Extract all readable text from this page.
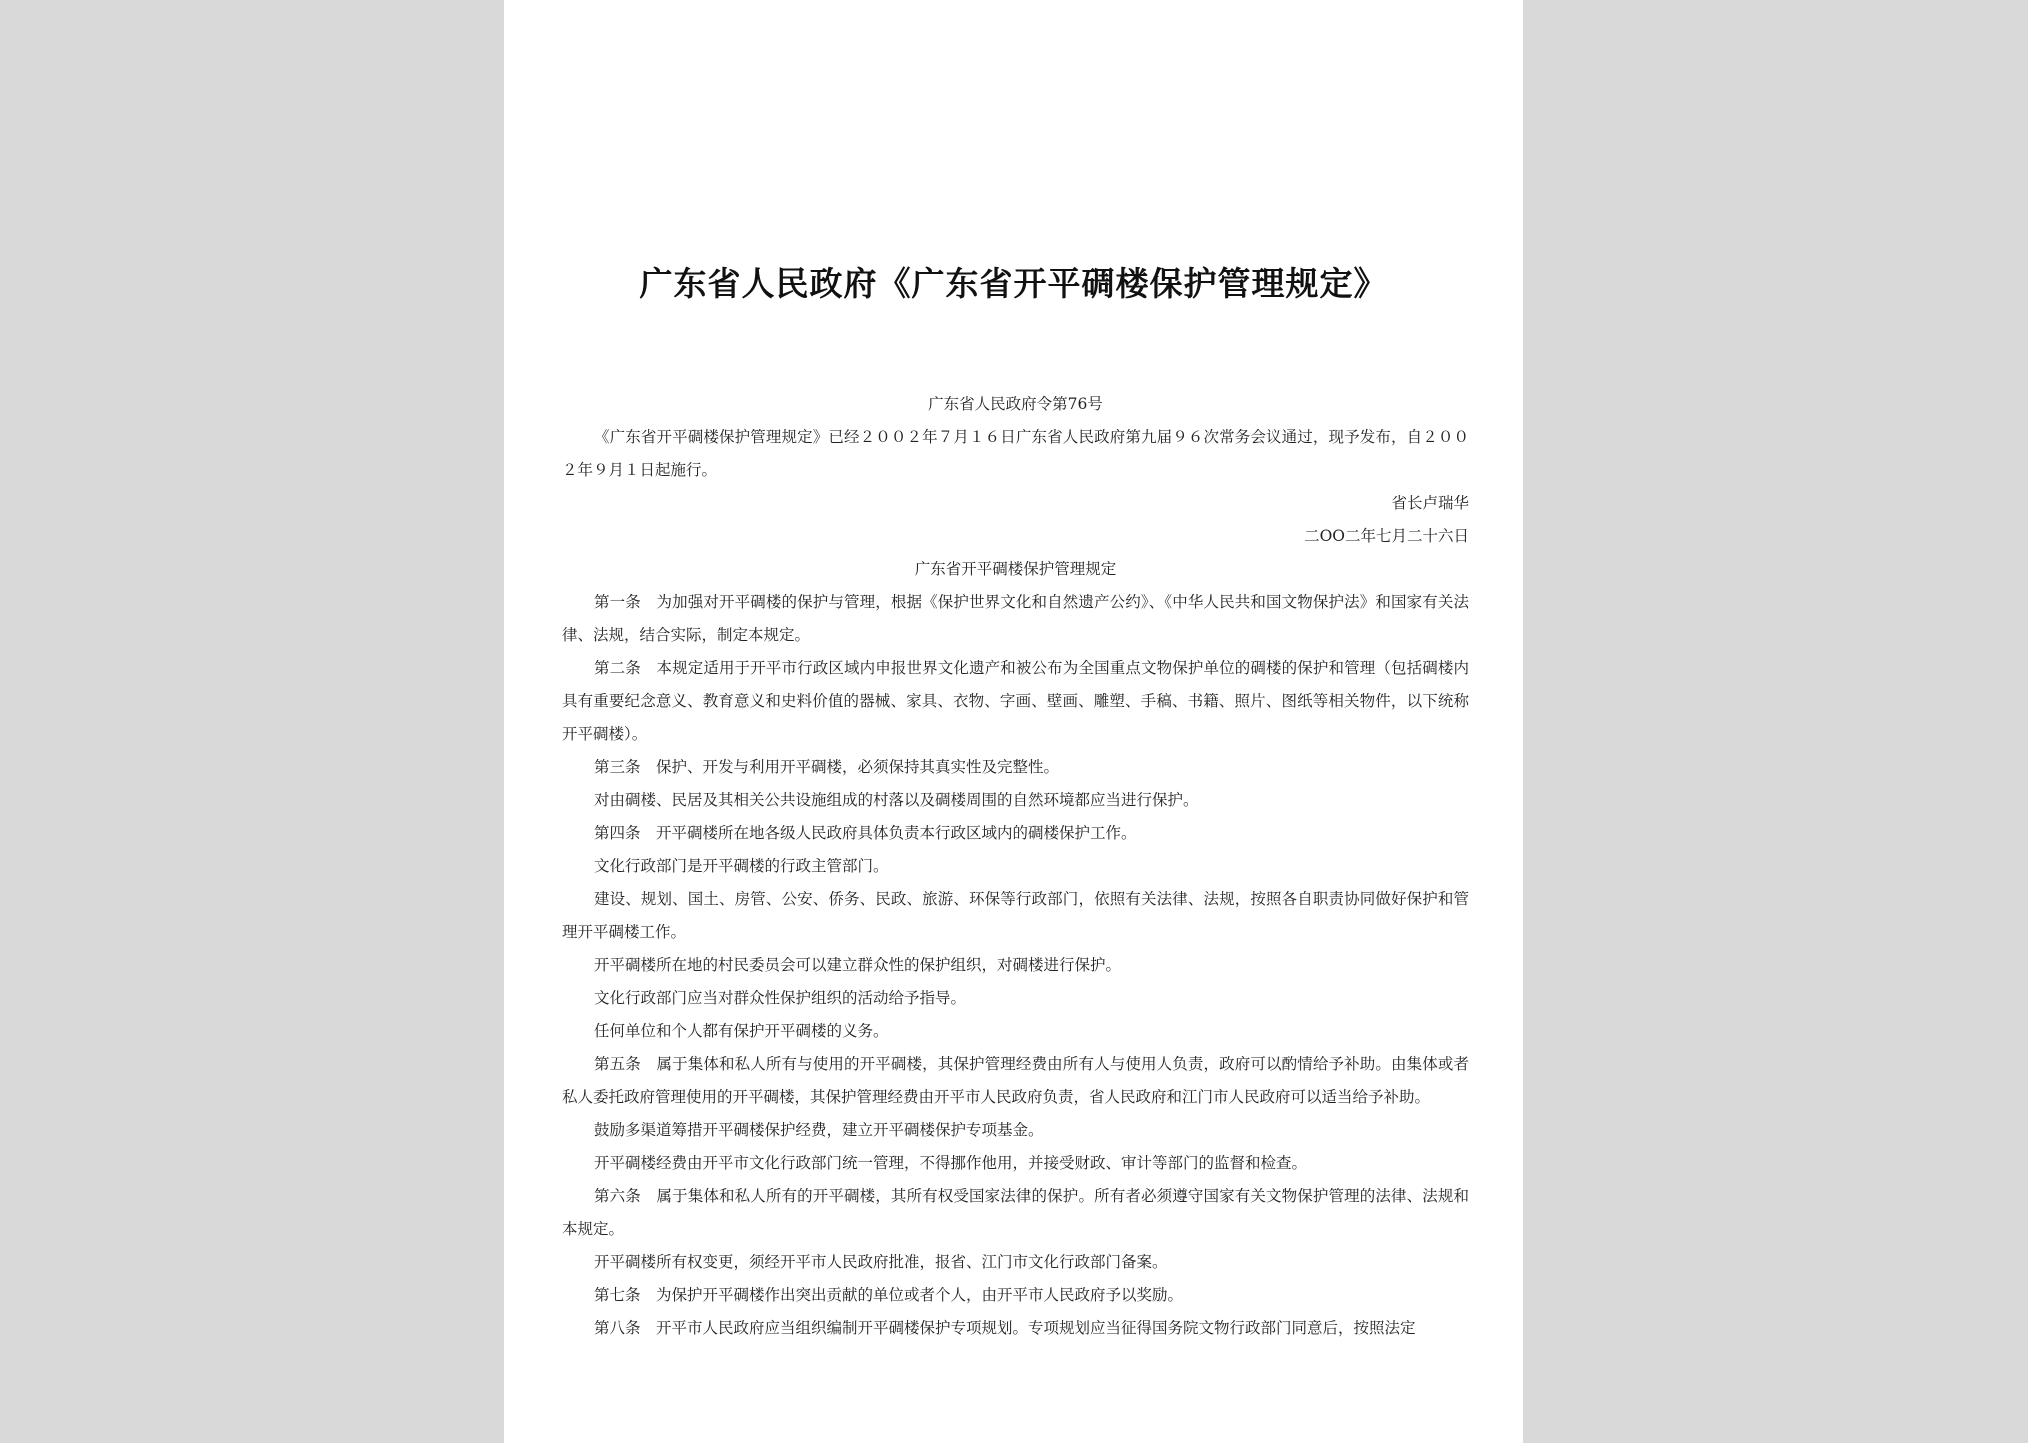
广东省人民政府《广东省开平碉楼保护管理规定》

广东省人民政府令第76号

《广东省开平碉楼保护管理规定》已经２００２年７月１６日广东省人民政府第九届９６次常务会议通过，现予发布，自２００２年９月１日起施行。

省长卢瑞华

二OO二年七月二十六日

广东省开平碉楼保护管理规定

第一条　为加强对开平碉楼的保护与管理，根据《保护世界文化和自然遗产公约》、《中华人民共和国文物保护法》和国家有关法律、法规，结合实际，制定本规定。

第二条　本规定适用于开平市行政区域内申报世界文化遗产和被公布为全国重点文物保护单位的碉楼的保护和管理（包括碉楼内具有重要纪念意义、教育意义和史料价值的器械、家具、衣物、字画、壁画、雕塑、手稿、书籍、照片、图纸等相关物件，以下统称开平碉楼）。

第三条　保护、开发与利用开平碉楼，必须保持其真实性及完整性。

对由碉楼、民居及其相关公共设施组成的村落以及碉楼周围的自然环境都应当进行保护。

第四条　开平碉楼所在地各级人民政府具体负责本行政区域内的碉楼保护工作。

文化行政部门是开平碉楼的行政主管部门。

建设、规划、国土、房管、公安、侨务、民政、旅游、环保等行政部门，依照有关法律、法规，按照各自职责协同做好保护和管理开平碉楼工作。

开平碉楼所在地的村民委员会可以建立群众性的保护组织，对碉楼进行保护。

文化行政部门应当对群众性保护组织的活动给予指导。

任何单位和个人都有保护开平碉楼的义务。

第五条　属于集体和私人所有与使用的开平碉楼，其保护管理经费由所有人与使用人负责，政府可以酌情给予补助。由集体或者私人委托政府管理使用的开平碉楼，其保护管理经费由开平市人民政府负责，省人民政府和江门市人民政府可以适当给予补助。

鼓励多渠道筹措开平碉楼保护经费，建立开平碉楼保护专项基金。

开平碉楼经费由开平市文化行政部门统一管理，不得挪作他用，并接受财政、审计等部门的监督和检查。

第六条　属于集体和私人所有的开平碉楼，其所有权受国家法律的保护。所有者必须遵守国家有关文物保护管理的法律、法规和本规定。

开平碉楼所有权变更，须经开平市人民政府批准，报省、江门市文化行政部门备案。

第七条　为保护开平碉楼作出突出贡献的单位或者个人，由开平市人民政府予以奖励。

第八条　开平市人民政府应当组织编制开平碉楼保护专项规划。专项规划应当征得国务院文物行政部门同意后，按照法定
